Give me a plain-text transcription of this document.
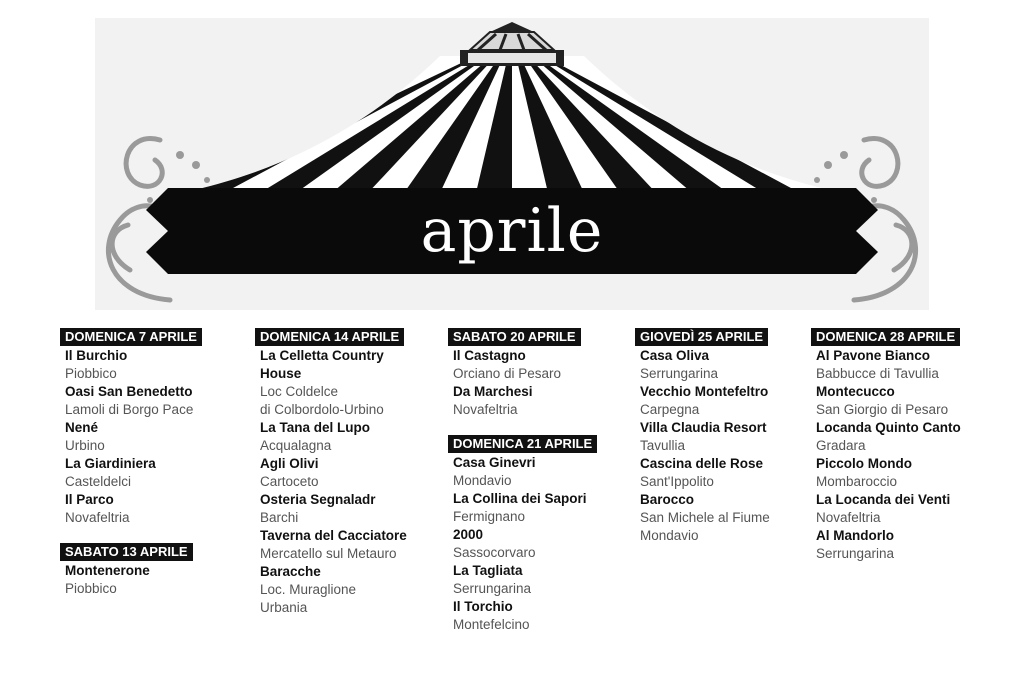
aprile
DOMENICA 7 APRILE
Il Burchio
Piobbico
Oasi San Benedetto
Lamoli di Borgo Pace
Nené
Urbino
La Giardiniera
Casteldelci
Il Parco
Novafeltria
SABATO 13 APRILE
Montenerone
Piobbico
DOMENICA 14 APRILE
La Celletta Country
House
Loc Coldelce
di Colbordolo-Urbino
La Tana del Lupo
Acqualagna
Agli Olivi
Cartoceto
Osteria Segnaladr
Barchi
Taverna del Cacciatore
Mercatello sul Metauro
Baracche
Loc. Muraglione
Urbania
SABATO 20 APRILE
Il Castagno
Orciano di Pesaro
Da Marchesi
Novafeltria
DOMENICA 21 APRILE
Casa Ginevri
Mondavio
La Collina dei Sapori
Fermignano
2000
Sassocorvaro
La Tagliata
Serrungarina
Il Torchio
Montefelcino
GIOVEDÌ 25 APRILE
Casa Oliva
Serrungarina
Vecchio Montefeltro
Carpegna
Villa Claudia Resort
Tavullia
Cascina delle Rose
Sant'Ippolito
Barocco
San Michele al Fiume
Mondavio
DOMENICA 28 APRILE
Al Pavone Bianco
Babbucce di Tavullia
Montecucco
San Giorgio di Pesaro
Locanda Quinto Canto
Gradara
Piccolo Mondo
Mombaroccio
La Locanda dei Venti
Novafeltria
Al Mandorlo
Serrungarina
